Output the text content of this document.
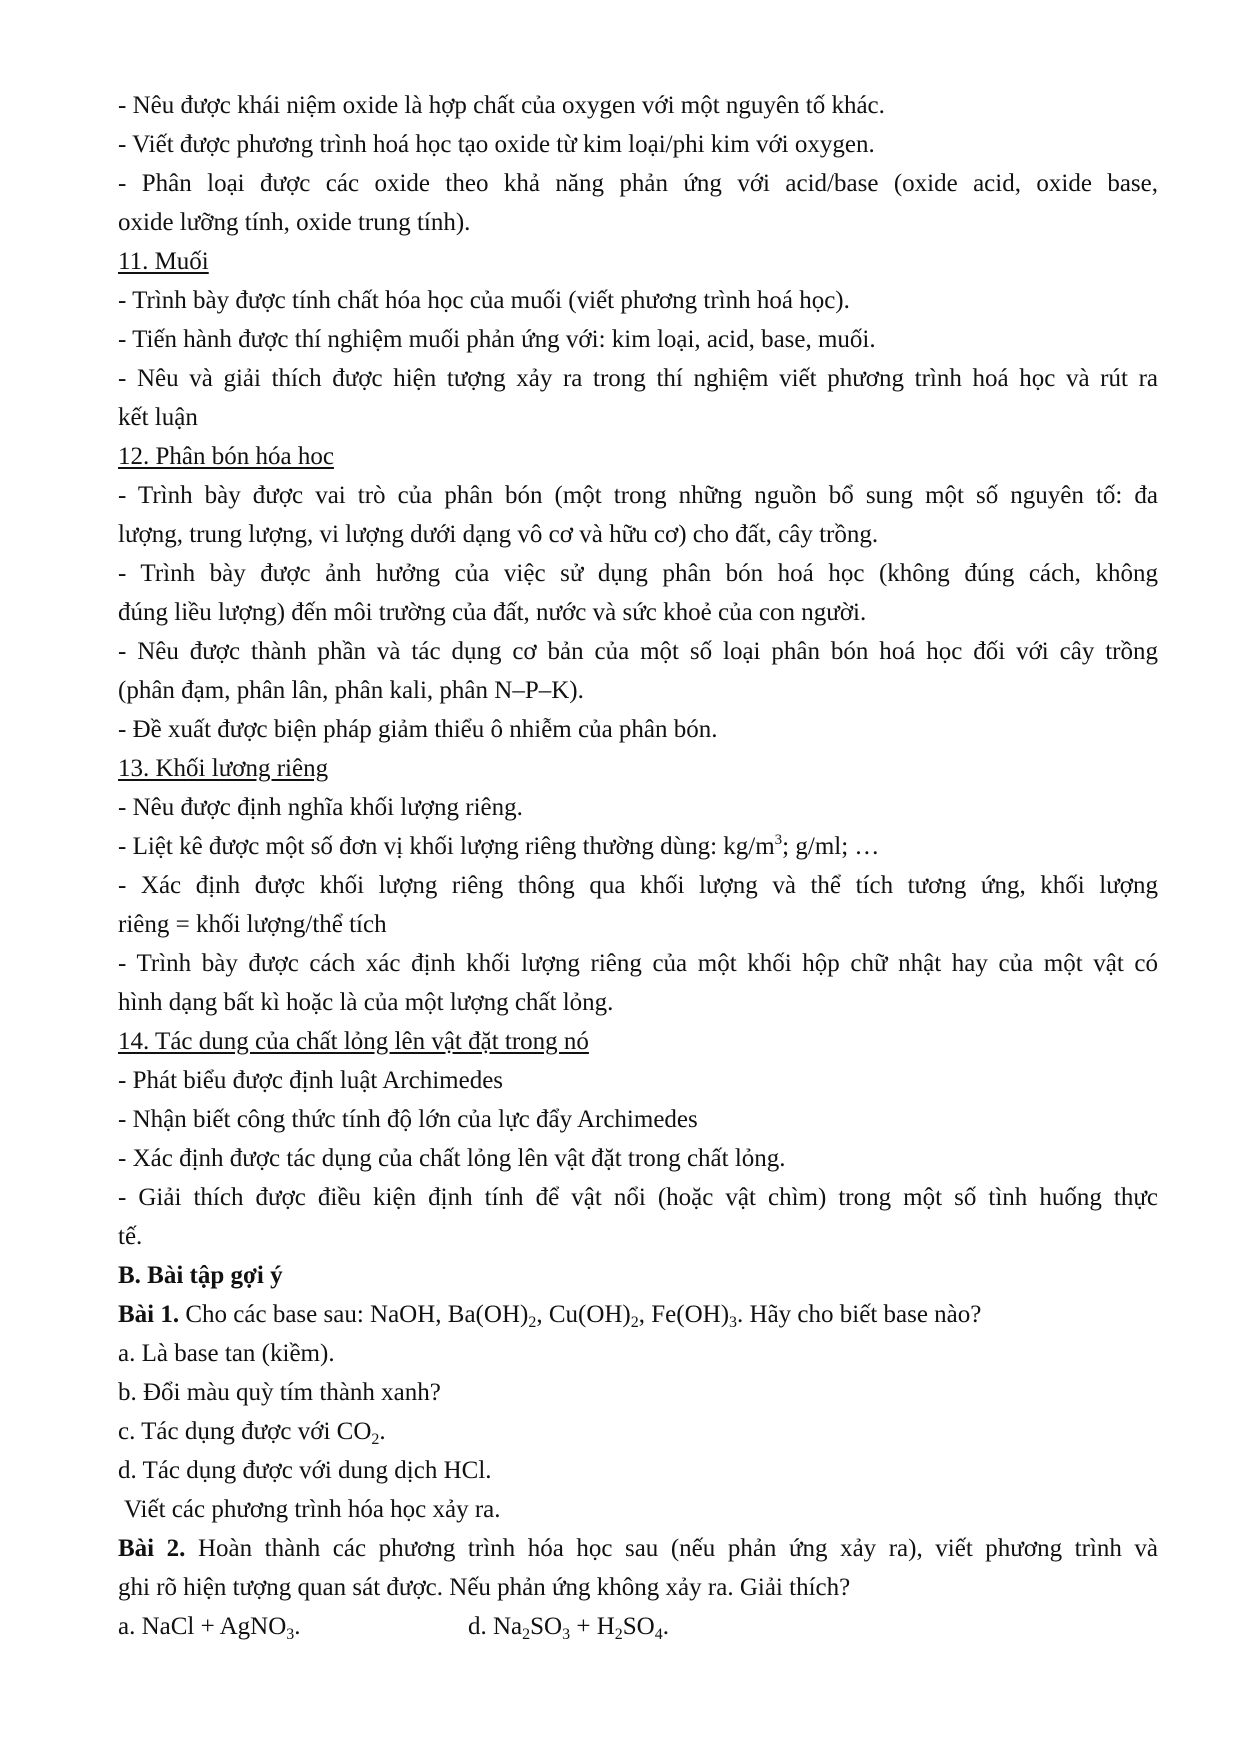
- Nêu được khái niệm oxide là hợp chất của oxygen với một nguyên tố khác.

- Viết được phương trình hoá học tạo oxide từ kim loại/phi kim với oxygen.

- Phân loại được các oxide theo khả năng phản ứng với acid/base (oxide acid, oxide base,

oxide lưỡng tính, oxide trung tính).

11. Muối

- Trình bày được tính chất hóa học của muối (viết phương trình hoá học).

- Tiến hành được thí nghiệm muối phản ứng với: kim loại, acid, base, muối.

- Nêu và giải thích được hiện tượng xảy ra trong thí nghiệm viết phương trình hoá học và rút ra

kết luận

12. Phân bón hóa hoc

- Trình bày được vai trò của phân bón (một trong những nguồn bổ sung một số nguyên tố: đa

lượng, trung lượng, vi lượng dưới dạng vô cơ và hữu cơ) cho đất, cây trồng.

- Trình bày được ảnh hưởng của việc sử dụng phân bón hoá học (không đúng cách, không

đúng liều lượng) đến môi trường của đất, nước và sức khoẻ của con người.

- Nêu được thành phần và tác dụng cơ bản của một số loại phân bón hoá học đối với cây trồng

(phân đạm, phân lân, phân kali, phân N–P–K).

- Đề xuất được biện pháp giảm thiểu ô nhiễm của phân bón.

13. Khối lương riêng

- Nêu được định nghĩa khối lượng riêng.

- Liệt kê được một số đơn vị khối lượng riêng thường dùng: $kg/m^3$; g/ml; …

- Xác định được khối lượng riêng thông qua khối lượng và thể tích tương ứng, khối lượng

riêng = khối lượng/thể tích

- Trình bày được cách xác định khối lượng riêng của một khối hộp chữ nhật hay của một vật có

hình dạng bất kì hoặc là của một lượng chất lỏng.

14. Tác dung của chất lỏng lên vật đặt trong nó

- Phát biểu được định luật Archimedes

- Nhận biết công thức tính độ lớn của lực đẩy Archimedes

- Xác định được tác dụng của chất lỏng lên vật đặt trong chất lỏng.

- Giải thích được điều kiện định tính để vật nổi (hoặc vật chìm) trong một số tình huống thực

tế.

B. Bài tập gợi ý

Bài 1. Cho các base sau: NaOH, $Ba(OH)_2$, $Cu(OH)_2$, $Fe(OH)_3$. Hãy cho biết base nào?

a. Là base tan (kiềm).

b. Đổi màu quỳ tím thành xanh?

c. Tác dụng được với $CO_2$.

d. Tác dụng được với dung dịch HCl.

Viết các phương trình hóa học xảy ra.

Bài 2. Hoàn thành các phương trình hóa học sau (nếu phản ứng xảy ra), viết phương trình và

ghi rõ hiện tượng quan sát được. Nếu phản ứng không xảy ra. Giải thích?

a. NaCl + AgNO$_3$.	d. $Na_2SO_3 + H_2SO_4$.
